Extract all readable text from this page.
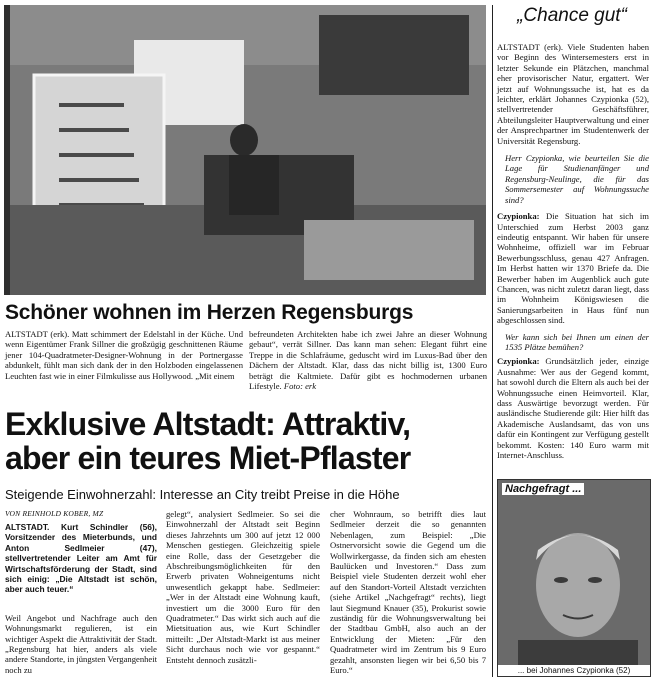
Schöner wohnen im Herzen Regensburgs
ALTSTADT (erk). Matt schimmert der Edelstahl in der Küche. Und wenn Eigentümer Frank Sillner die großzügig geschnittenen Räume jener 104-Quadratmeter-Designer-Wohnung in der Portnergasse abdunkelt, fühlt man sich dank der in den Holzboden eingelassenen Leuchten fast wie in einer Filmkulisse aus Hollywood. „Mit einem
befreundeten Architekten habe ich zwei Jahre an dieser Wohnung gebaut“, verrät Sillner. Das kann man sehen: Elegant führt eine Treppe in die Schlafräume, geduscht wird im Luxus-Bad über den Dächern der Altstadt. Klar, dass das nicht billig ist, 1300 Euro beträgt die Kaltmiete. Dafür gibt es hochmodernen urbanen Lifestyle. Foto: erk
Exklusive Altstadt: Attraktiv,
aber ein teures Miet-Pflaster
Steigende Einwohnerzahl: Interesse an City treibt Preise in die Höhe
VON REINHOLD KOBER, MZ

ALTSTADT. Kurt Schindler (56), Vorsitzender des Mieterbunds, und Anton Sedlmeier (47), stellvertretender Leiter am Amt für Wirtschaftsförderung der Stadt, sind sich einig: „Die Altstadt ist schön, aber auch teuer.“

Weil Angebot und Nachfrage auch den Wohnungsmarkt regulieren, ist ein wichtiger Aspekt die Attraktivität der Stadt. „Regensburg hat hier, anders als viele andere Standorte, in jüngsten Vergangenheit noch zu

gelegt“, analysiert Sedlmeier. So sei die Einwohnerzahl der Altstadt seit Beginn dieses Jahrzehnts um 300 auf jetzt 12 000 Menschen gestiegen. Gleichzeitig spiele eine Rolle, dass der Gesetzgeber die Abschreibungsmöglichkeiten für den Erwerb privaten Wohneigentums nicht unwesentlich gekappt habe. Sedlmeier: „Wer in der Altstadt eine Wohnung kauft, investiert um die 3000 Euro für den Quadratmeter.“ Das wirkt sich auch auf die Mietsituation aus, wie Kurt Schindler mitteilt: „Der Altstadt-Markt ist aus meiner Sicht durchaus noch wie vor gespannt.“ Entsteht dennoch zusätzli-

cher Wohnraum, so betrifft dies laut Sedlmeier derzeit die so genannten Nebenlagen, zum Beispiel: „Die Ostnervorsicht sowie die Gegend um die Wollwirkergasse, da finden sich am ehesten Baulücken und Investoren.“ Dass zum Beispiel viele Studenten derzeit wohl eher auf den Standort-Vorteil Altstadt verzichten (siehe Artikel „Nachgefragt“ rechts), liegt laut Siegmund Knauer (35), Prokurist sowie zuständig für die Wohnungsverwaltung bei der Stadtbau GmbH, also auch an der Entwicklung der Mieten: „Für den Quadratmeter wird im Zentrum bis 9 Euro gezahlt, ansonsten liegen wir bei 6,50 bis 7 Euro.“

„Chance gut“

ALTSTADT (erk). Viele Studenten haben vor Beginn des Wintersemesters erst in letzter Sekunde ein Plätzchen, manchmal eher provisorischer Natur, ergattert. Wer jetzt auf Wohnungssuche ist, hat es da leichter, erklärt Johannes Czypionka (52), stellvertretender Geschäftsführer, Abteilungsleiter Hauptverwaltung und einer der Ansprechpartner im Studentenwerk der Universität Regensburg.

Herr Czypionka, wie beurteilen Sie die Lage für Studienanfänger und Regensburg-Neulinge, die für das Sommersemester auf Wohnungssuche sind?

Czypionka: Die Situation hat sich im Unterschied zum Herbst 2003 ganz eindeutig entspannt. Wir haben für unsere Wohnheime, offiziell war im Februar Bewerbungsschluss, genau 427 Anfragen. Im Herbst hatten wir 1370 Briefe da. Die Bewerber haben im Augenblick auch gute Chancen, was nicht zuletzt daran liegt, dass im Wohnheim Königswiesen die Sanierungsarbeiten in Haus fünf nun abgeschlossen sind.

Wer kann sich bei Ihnen um einen der 1535 Plätze bemühen?

Czypionka: Grundsätzlich jeder, einzige Ausnahme: Wer aus der Gegend kommt, hat sowohl durch die Eltern als auch bei der Wohnungssuche einen Heimvorteil. Klar, dass Auswärtige bevorzugt werden. Für ausländische Studierende gilt: Hier hilft das Akademische Auslandsamt, das von uns dafür ein Kontingent zur Verfügung gestellt bekommt. Kosten: 140 Euro warm mit Internet-Anschluss.

Nachgefragt ...
... bei Johannes Czypionka (52)
